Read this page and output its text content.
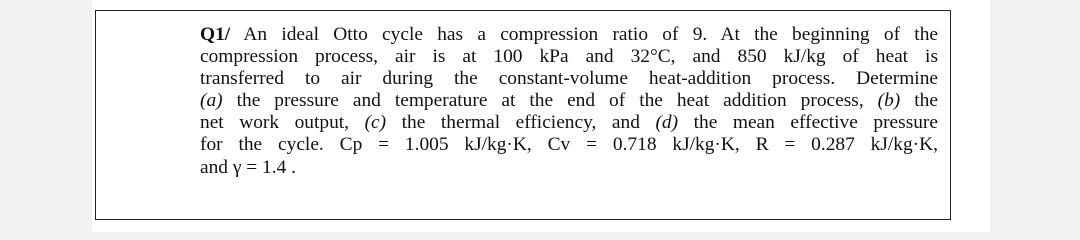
Q1/ An ideal Otto cycle has a compression ratio of 9. At the beginning of the
compression process, air is at 100 kPa and 32°C, and 850 kJ/kg of heat is
transferred to air during the constant-volume heat-addition process. Determine
(a) the pressure and temperature at the end of the heat addition process, (b) the
net work output, (c) the thermal efficiency, and (d) the mean effective pressure
for the cycle. Cp = 1.005 kJ/kg·K, Cv = 0.718 kJ/kg·K, R = 0.287 kJ/kg·K,
and γ = 1.4 .
